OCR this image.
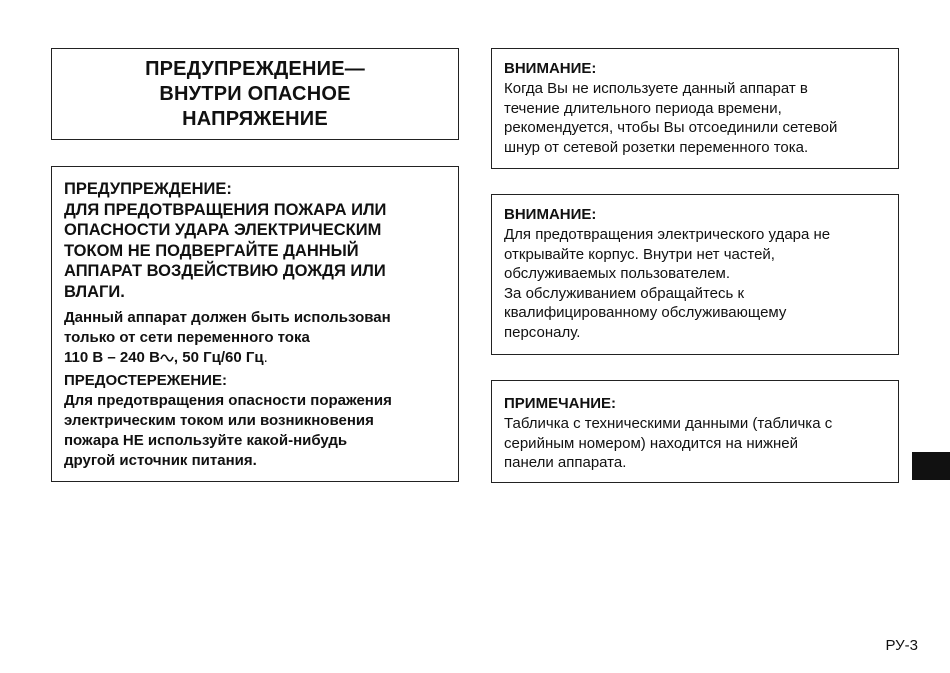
ПРЕДУПРЕЖДЕНИЕ—
ВНУТРИ ОПАСНОЕ
НАПРЯЖЕНИЕ
ПРЕДУПРЕЖДЕНИЕ:
ДЛЯ ПРЕДОТВРАЩЕНИЯ ПОЖАРА ИЛИ
ОПАСНОСТИ УДАРА ЭЛЕКТРИЧЕСКИМ
ТОКОМ НЕ ПОДВЕРГАЙТЕ ДАННЫЙ
АППАРАТ ВОЗДЕЙСТВИЮ ДОЖДЯ ИЛИ
ВЛАГИ.
Данный аппарат должен быть использован
только от сети переменного тока
110 В – 240 В , 50 Гц/60 Гц.
ПРЕДОСТЕРЕЖЕНИЕ:
Для предотвращения опасности поражения
электрическим током или возникновения
пожара НЕ используйте какой-нибудь
другой источник питания.
ВНИМАНИЕ:
Когда Вы не используете данный аппарат в
течение длительного периода времени,
рекомендуется, чтобы Вы отсоединили сетевой
шнур от сетевой розетки переменного тока.
ВНИМАНИЕ:
Для предотвращения электрического удара не
открывайте корпус. Внутри нет частей,
обслуживаемых пользователем.
За обслуживанием обращайтесь к
квалифицированному обслуживающему
персоналу.
ПРИМЕЧАНИЕ:
Табличка с техническими данными (табличка с
серийным номером) находится на нижней
панели аппарата.
РУ-3
